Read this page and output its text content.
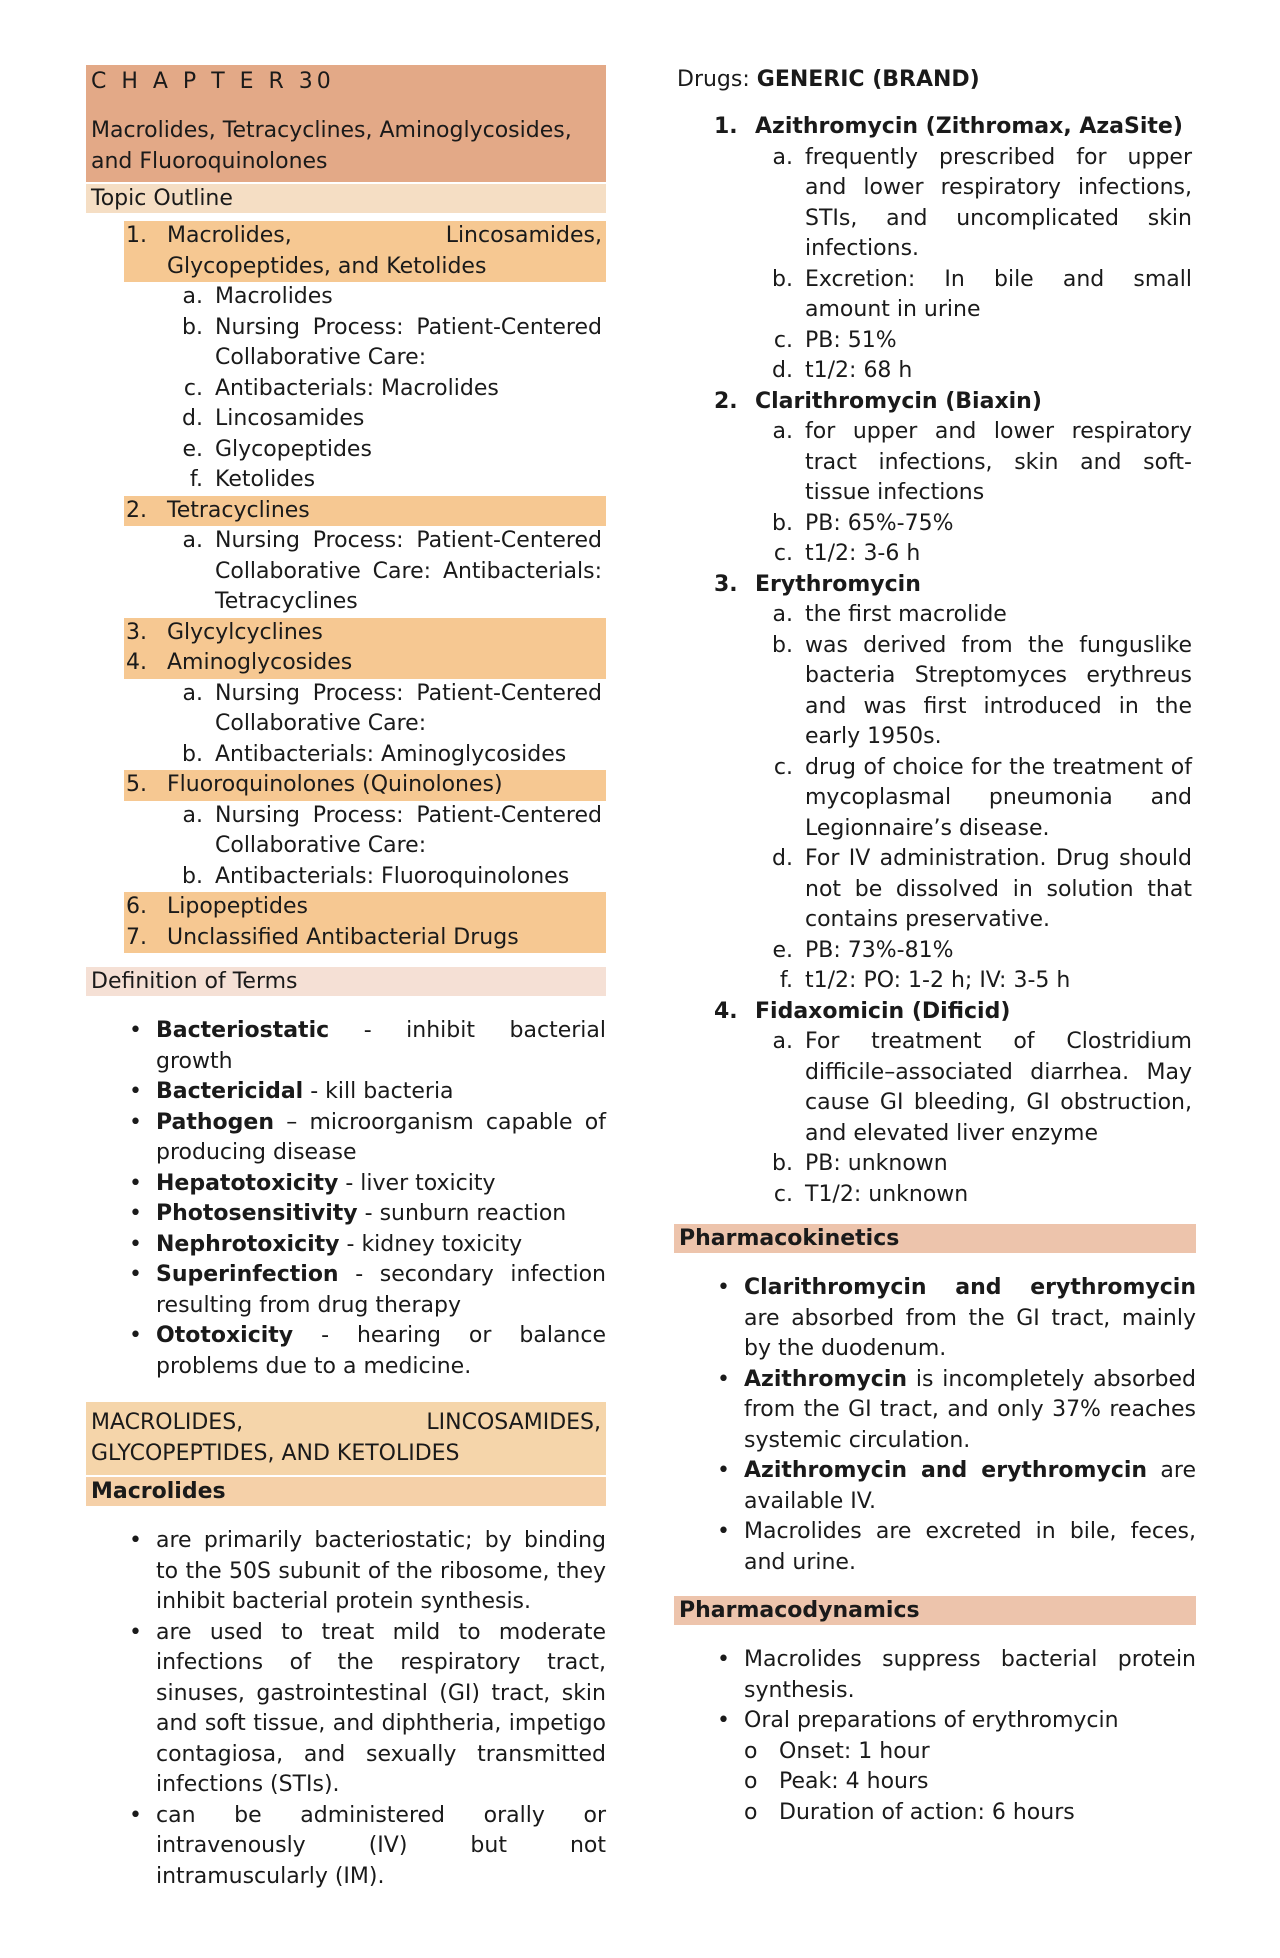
C H A P T E R 30
Macrolides, Tetracyclines, Aminoglycosides, and Fluoroquinolones
Topic Outline
1. Macrolides, Lincosamides, Glycopeptides, and Ketolides
a. Macrolides
b. Nursing Process: Patient-Centered Collaborative Care:
c. Antibacterials: Macrolides
d. Lincosamides
e. Glycopeptides
f. Ketolides
2. Tetracyclines
a. Nursing Process: Patient-Centered Collaborative Care: Antibacterials: Tetracyclines
3. Glycylcyclines
4. Aminoglycosides
a. Nursing Process: Patient-Centered Collaborative Care:
b. Antibacterials: Aminoglycosides
5. Fluoroquinolones (Quinolones)
a. Nursing Process: Patient-Centered Collaborative Care:
b. Antibacterials: Fluoroquinolones
6. Lipopeptides
7. Unclassified Antibacterial Drugs
Definition of Terms
• Bacteriostatic - inhibit bacterial growth
• Bactericidal - kill bacteria
• Pathogen – microorganism capable of producing disease
• Hepatotoxicity - liver toxicity
• Photosensitivity - sunburn reaction
• Nephrotoxicity - kidney toxicity
• Superinfection - secondary infection resulting from drug therapy
• Ototoxicity - hearing or balance problems due to a medicine.
MACROLIDES, LINCOSAMIDES, GLYCOPEPTIDES, AND KETOLIDES
Macrolides
• are primarily bacteriostatic; by binding to the 50S subunit of the ribosome, they inhibit bacterial protein synthesis.
• are used to treat mild to moderate infections of the respiratory tract, sinuses, gastrointestinal (GI) tract, skin and soft tissue, and diphtheria, impetigo contagiosa, and sexually transmitted infections (STIs).
• can be administered orally or intravenously (IV) but not intramuscularly (IM).
Drugs: GENERIC (BRAND)
1. Azithromycin (Zithromax, AzaSite)
a. frequently prescribed for upper and lower respiratory infections, STIs, and uncomplicated skin infections.
b. Excretion: In bile and small amount in urine
c. PB: 51%
d. t1/2: 68 h
2. Clarithromycin (Biaxin)
a. for upper and lower respiratory tract infections, skin and soft-tissue infections
b. PB: 65%-75%
c. t1/2: 3-6 h
3. Erythromycin
a. the first macrolide
b. was derived from the funguslike bacteria Streptomyces erythreus and was first introduced in the early 1950s.
c. drug of choice for the treatment of mycoplasmal pneumonia and Legionnaire’s disease.
d. For IV administration. Drug should not be dissolved in solution that contains preservative.
e. PB: 73%-81%
f. t1/2: PO: 1-2 h; IV: 3-5 h
4. Fidaxomicin (Dificid)
a. For treatment of Clostridium difficile–associated diarrhea. May cause GI bleeding, GI obstruction, and elevated liver enzyme
b. PB: unknown
c. T1/2: unknown
Pharmacokinetics
• Clarithromycin and erythromycin are absorbed from the GI tract, mainly by the duodenum.
• Azithromycin is incompletely absorbed from the GI tract, and only 37% reaches systemic circulation.
• Azithromycin and erythromycin are available IV.
• Macrolides are excreted in bile, feces, and urine.
Pharmacodynamics
• Macrolides suppress bacterial protein synthesis.
• Oral preparations of erythromycin
o Onset: 1 hour
o Peak: 4 hours
o Duration of action: 6 hours
